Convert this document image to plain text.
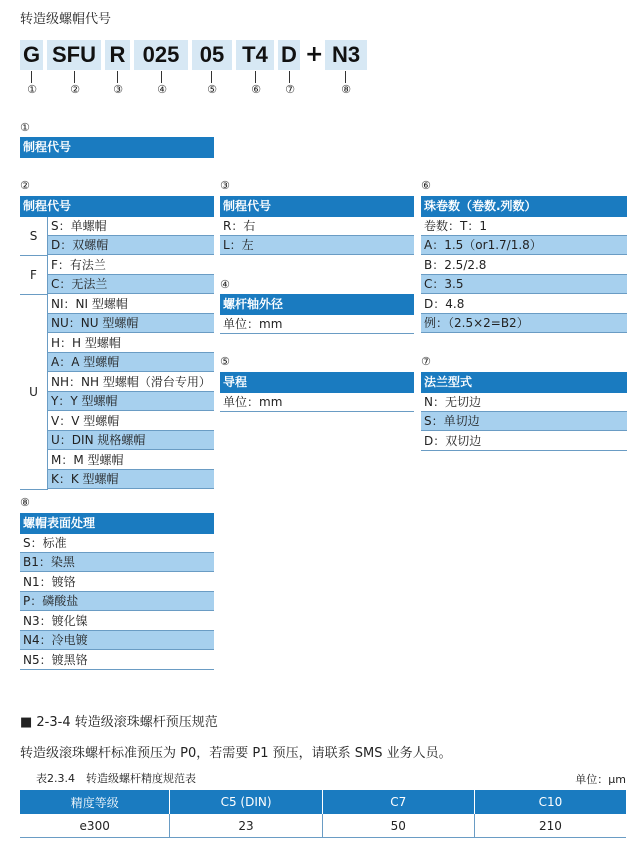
转造级螺帽代号
G SFU R 025 05 T4 D + N3
①	②	③	④	⑤	⑥ ⑦	⑧
①
制程代号
②
制程代号
S
S：单螺帽
D：双螺帽
F
F：有法兰
C：无法兰
U
NI：NI 型螺帽
NU：NU 型螺帽
H：H 型螺帽
A：A 型螺帽
NH：NH 型螺帽（滑台专用）
Y：Y 型螺帽
V：V 型螺帽
U：DIN 规格螺帽
M：M 型螺帽
K：K 型螺帽
③
制程代号
R：右
L：左
④
螺杆轴外径
单位：mm
⑤
导程
单位：mm
⑥
珠卷数（卷数.列数）
卷数：T：1
A：1.5（or1.7/1.8）
B：2.5/2.8
C：3.5
D：4.8
例：（2.5×2=B2）
⑦
法兰型式
N：无切边
S：单切边
D：双切边
⑧
螺帽表面处理
S：标准
B1：染黑
N1：镀铬
P：磷酸盐
N3：镀化镍
N4：冷电镀
N5：镀黑铬
■ 2-3-4 转造级滚珠螺杆预压规范
转造级滚珠螺杆标准预压为 P0，若需要 P1 预压，请联系 SMS 业务人员。
表2.3.4　转造级螺杆精度规范表	单位：μm
精度等级	C5 (DIN)	C7	C10
e300	23	50	210
